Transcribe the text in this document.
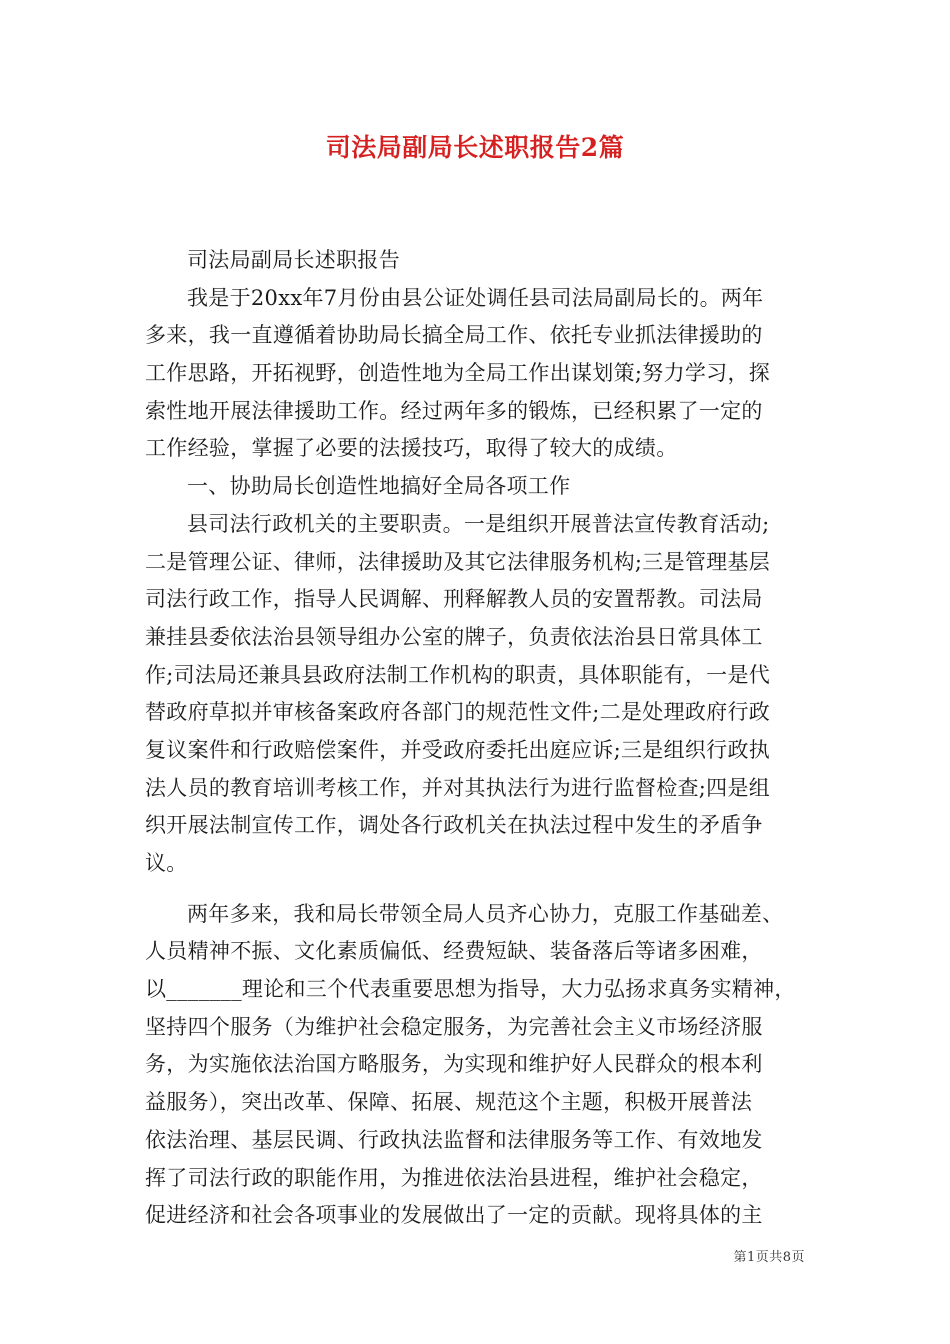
司法局副局长述职报告2篇
司法局副局长述职报告
我是于20xx年7月份由县公证处调任县司法局副局长的。两年
多来，我一直遵循着协助局长搞全局工作、依托专业抓法律援助的
工作思路，开拓视野，创造性地为全局工作出谋划策;努力学习，探
索性地开展法律援助工作。经过两年多的锻炼，已经积累了一定的
工作经验，掌握了必要的法援技巧，取得了较大的成绩。
一、协助局长创造性地搞好全局各项工作
县司法行政机关的主要职责。一是组织开展普法宣传教育活动;
二是管理公证、律师，法律援助及其它法律服务机构;三是管理基层
司法行政工作，指导人民调解、刑释解教人员的安置帮教。司法局
兼挂县委依法治县领导组办公室的牌子，负责依法治县日常具体工
作;司法局还兼具县政府法制工作机构的职责，具体职能有，一是代
替政府草拟并审核备案政府各部门的规范性文件;二是处理政府行政
复议案件和行政赔偿案件，并受政府委托出庭应诉;三是组织行政执
法人员的教育培训考核工作，并对其执法行为进行监督检查;四是组
织开展法制宣传工作，调处各行政机关在执法过程中发生的矛盾争
议。
两年多来，我和局长带领全局人员齐心协力，克服工作基础差、
人员精神不振、文化素质偏低、经费短缺、装备落后等诸多困难，
以_______理论和三个代表重要思想为指导，大力弘扬求真务实精神，
坚持四个服务（为维护社会稳定服务，为完善社会主义市场经济服
务，为实施依法治国方略服务，为实现和维护好人民群众的根本利
益服务），突出改革、保障、拓展、规范这个主题，积极开展普法
依法治理、基层民调、行政执法监督和法律服务等工作、有效地发
挥了司法行政的职能作用，为推进依法治县进程，维护社会稳定，
促进经济和社会各项事业的发展做出了一定的贡献。现将具体的主
第1页共8页
